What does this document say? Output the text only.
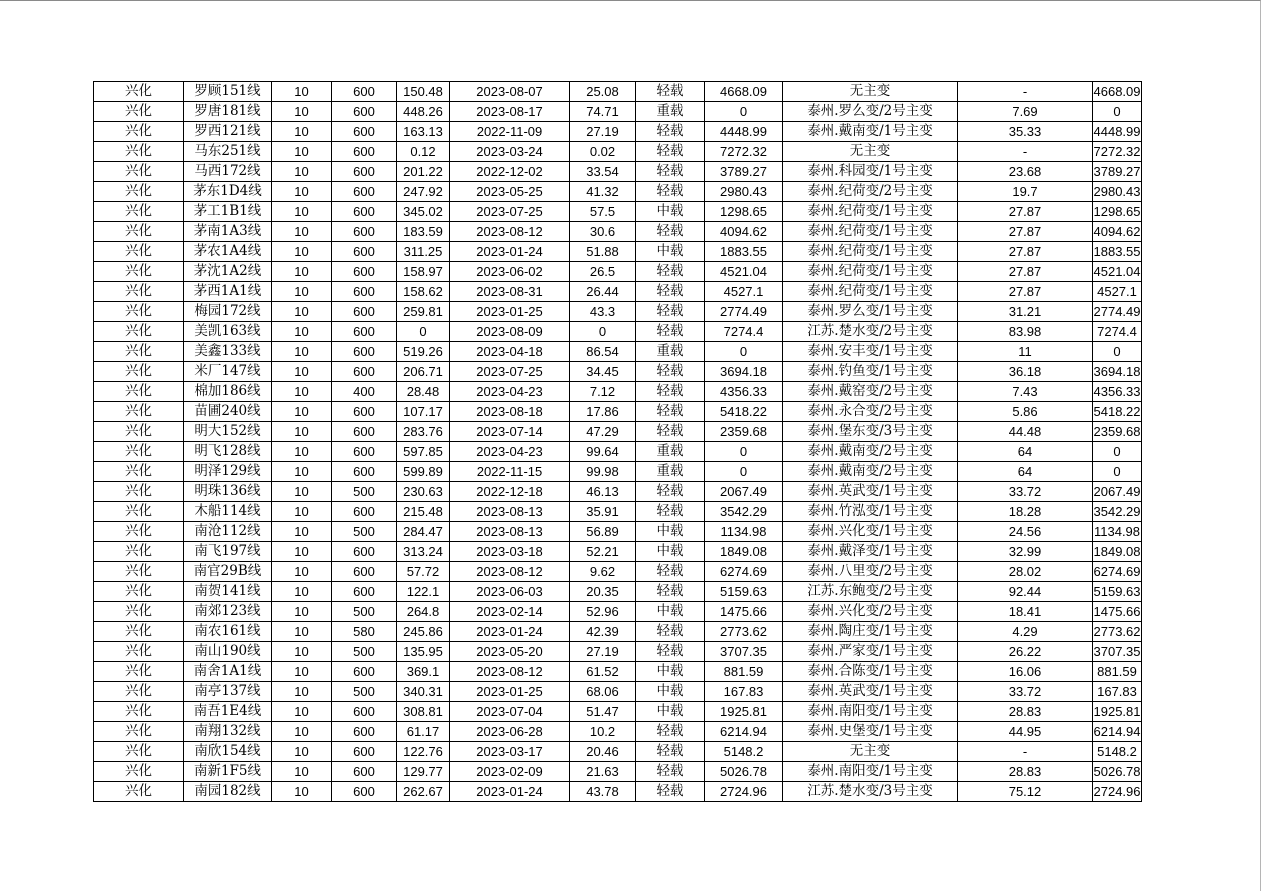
兴化	罗顾151线	10	600	150.48	2023-08-07	25.08	轻载	4668.09	无主变	-	4668.09
兴化	罗唐181线	10	600	448.26	2023-08-17	74.71	重载	0	泰州.罗么变/2号主变	7.69	0
兴化	罗西121线	10	600	163.13	2022-11-09	27.19	轻载	4448.99	泰州.戴南变/1号主变	35.33	4448.99
兴化	马东251线	10	600	0.12	2023-03-24	0.02	轻载	7272.32	无主变	-	7272.32
兴化	马西172线	10	600	201.22	2022-12-02	33.54	轻载	3789.27	泰州.科园变/1号主变	23.68	3789.27
兴化	茅东1D4线	10	600	247.92	2023-05-25	41.32	轻载	2980.43	泰州.纪荷变/2号主变	19.7	2980.43
兴化	茅工1B1线	10	600	345.02	2023-07-25	57.5	中载	1298.65	泰州.纪荷变/1号主变	27.87	1298.65
兴化	茅南1A3线	10	600	183.59	2023-08-12	30.6	轻载	4094.62	泰州.纪荷变/1号主变	27.87	4094.62
兴化	茅农1A4线	10	600	311.25	2023-01-24	51.88	中载	1883.55	泰州.纪荷变/1号主变	27.87	1883.55
兴化	茅沈1A2线	10	600	158.97	2023-06-02	26.5	轻载	4521.04	泰州.纪荷变/1号主变	27.87	4521.04
兴化	茅西1A1线	10	600	158.62	2023-08-31	26.44	轻载	4527.1	泰州.纪荷变/1号主变	27.87	4527.1
兴化	梅园172线	10	600	259.81	2023-01-25	43.3	轻载	2774.49	泰州.罗么变/1号主变	31.21	2774.49
兴化	美凯163线	10	600	0	2023-08-09	0	轻载	7274.4	江苏.楚水变/2号主变	83.98	7274.4
兴化	美鑫133线	10	600	519.26	2023-04-18	86.54	重载	0	泰州.安丰变/1号主变	11	0
兴化	米厂147线	10	600	206.71	2023-07-25	34.45	轻载	3694.18	泰州.钓鱼变/1号主变	36.18	3694.18
兴化	棉加186线	10	400	28.48	2023-04-23	7.12	轻载	4356.33	泰州.戴窑变/2号主变	7.43	4356.33
兴化	苗圃240线	10	600	107.17	2023-08-18	17.86	轻载	5418.22	泰州.永合变/2号主变	5.86	5418.22
兴化	明大152线	10	600	283.76	2023-07-14	47.29	轻载	2359.68	泰州.堡东变/3号主变	44.48	2359.68
兴化	明飞128线	10	600	597.85	2023-04-23	99.64	重载	0	泰州.戴南变/2号主变	64	0
兴化	明泽129线	10	600	599.89	2022-11-15	99.98	重载	0	泰州.戴南变/2号主变	64	0
兴化	明珠136线	10	500	230.63	2022-12-18	46.13	轻载	2067.49	泰州.英武变/1号主变	33.72	2067.49
兴化	木船114线	10	600	215.48	2023-08-13	35.91	轻载	3542.29	泰州.竹泓变/1号主变	18.28	3542.29
兴化	南沧112线	10	500	284.47	2023-08-13	56.89	中载	1134.98	泰州.兴化变/1号主变	24.56	1134.98
兴化	南飞197线	10	600	313.24	2023-03-18	52.21	中载	1849.08	泰州.戴泽变/1号主变	32.99	1849.08
兴化	南官29B线	10	600	57.72	2023-08-12	9.62	轻载	6274.69	泰州.八里变/2号主变	28.02	6274.69
兴化	南贺141线	10	600	122.1	2023-06-03	20.35	轻载	5159.63	江苏.东鲍变/2号主变	92.44	5159.63
兴化	南郊123线	10	500	264.8	2023-02-14	52.96	中载	1475.66	泰州.兴化变/2号主变	18.41	1475.66
兴化	南农161线	10	580	245.86	2023-01-24	42.39	轻载	2773.62	泰州.陶庄变/1号主变	4.29	2773.62
兴化	南山190线	10	500	135.95	2023-05-20	27.19	轻载	3707.35	泰州.严家变/1号主变	26.22	3707.35
兴化	南舍1A1线	10	600	369.1	2023-08-12	61.52	中载	881.59	泰州.合陈变/1号主变	16.06	881.59
兴化	南亭137线	10	500	340.31	2023-01-25	68.06	中载	167.83	泰州.英武变/1号主变	33.72	167.83
兴化	南吾1E4线	10	600	308.81	2023-07-04	51.47	中载	1925.81	泰州.南阳变/1号主变	28.83	1925.81
兴化	南翔132线	10	600	61.17	2023-06-28	10.2	轻载	6214.94	泰州.史堡变/1号主变	44.95	6214.94
兴化	南欣154线	10	600	122.76	2023-03-17	20.46	轻载	5148.2	无主变	-	5148.2
兴化	南新1F5线	10	600	129.77	2023-02-09	21.63	轻载	5026.78	泰州.南阳变/1号主变	28.83	5026.78
兴化	南园182线	10	600	262.67	2023-01-24	43.78	轻载	2724.96	江苏.楚水变/3号主变	75.12	2724.96
